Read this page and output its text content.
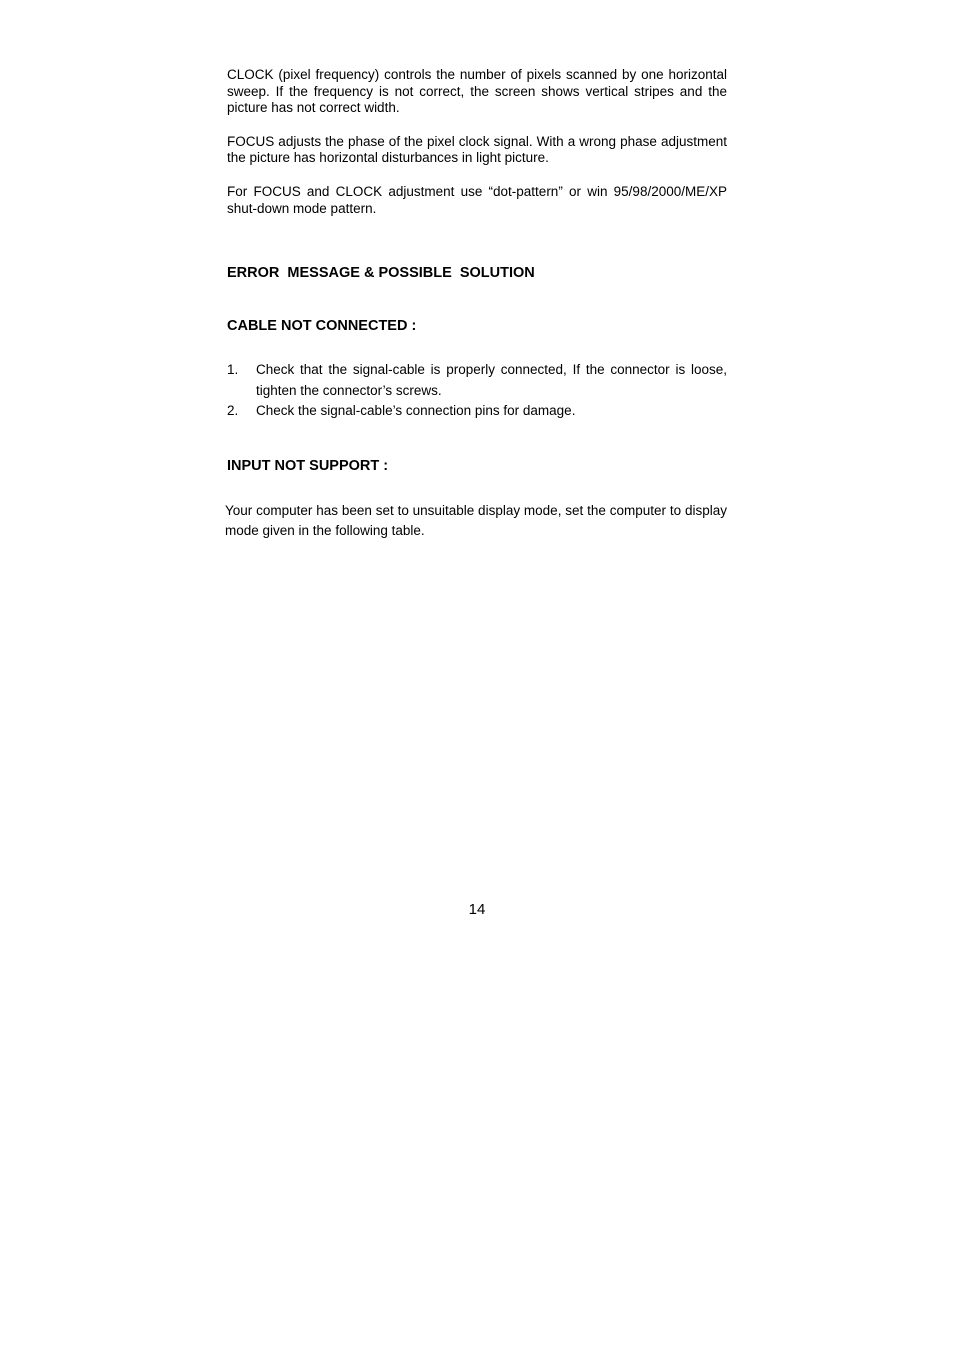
CLOCK (pixel frequency) controls the number of pixels scanned by one horizontal sweep. If the frequency is not correct, the screen shows vertical stripes and the picture has not correct width.

FOCUS adjusts the phase of the pixel clock signal. With a wrong phase adjustment the picture has horizontal disturbances in light picture.

For FOCUS and CLOCK adjustment use “dot-pattern” or win 95/98/2000/ME/XP shut-down mode pattern.

ERROR  MESSAGE & POSSIBLE  SOLUTION
CABLE NOT CONNECTED :
1.	Check that the signal-cable is properly connected, If the connector is loose, tighten the connector’s screws.
2.	Check the signal-cable’s connection pins for damage.
INPUT NOT SUPPORT :

Your computer has been set to unsuitable display mode, set the computer to display mode given in the following table.

14
